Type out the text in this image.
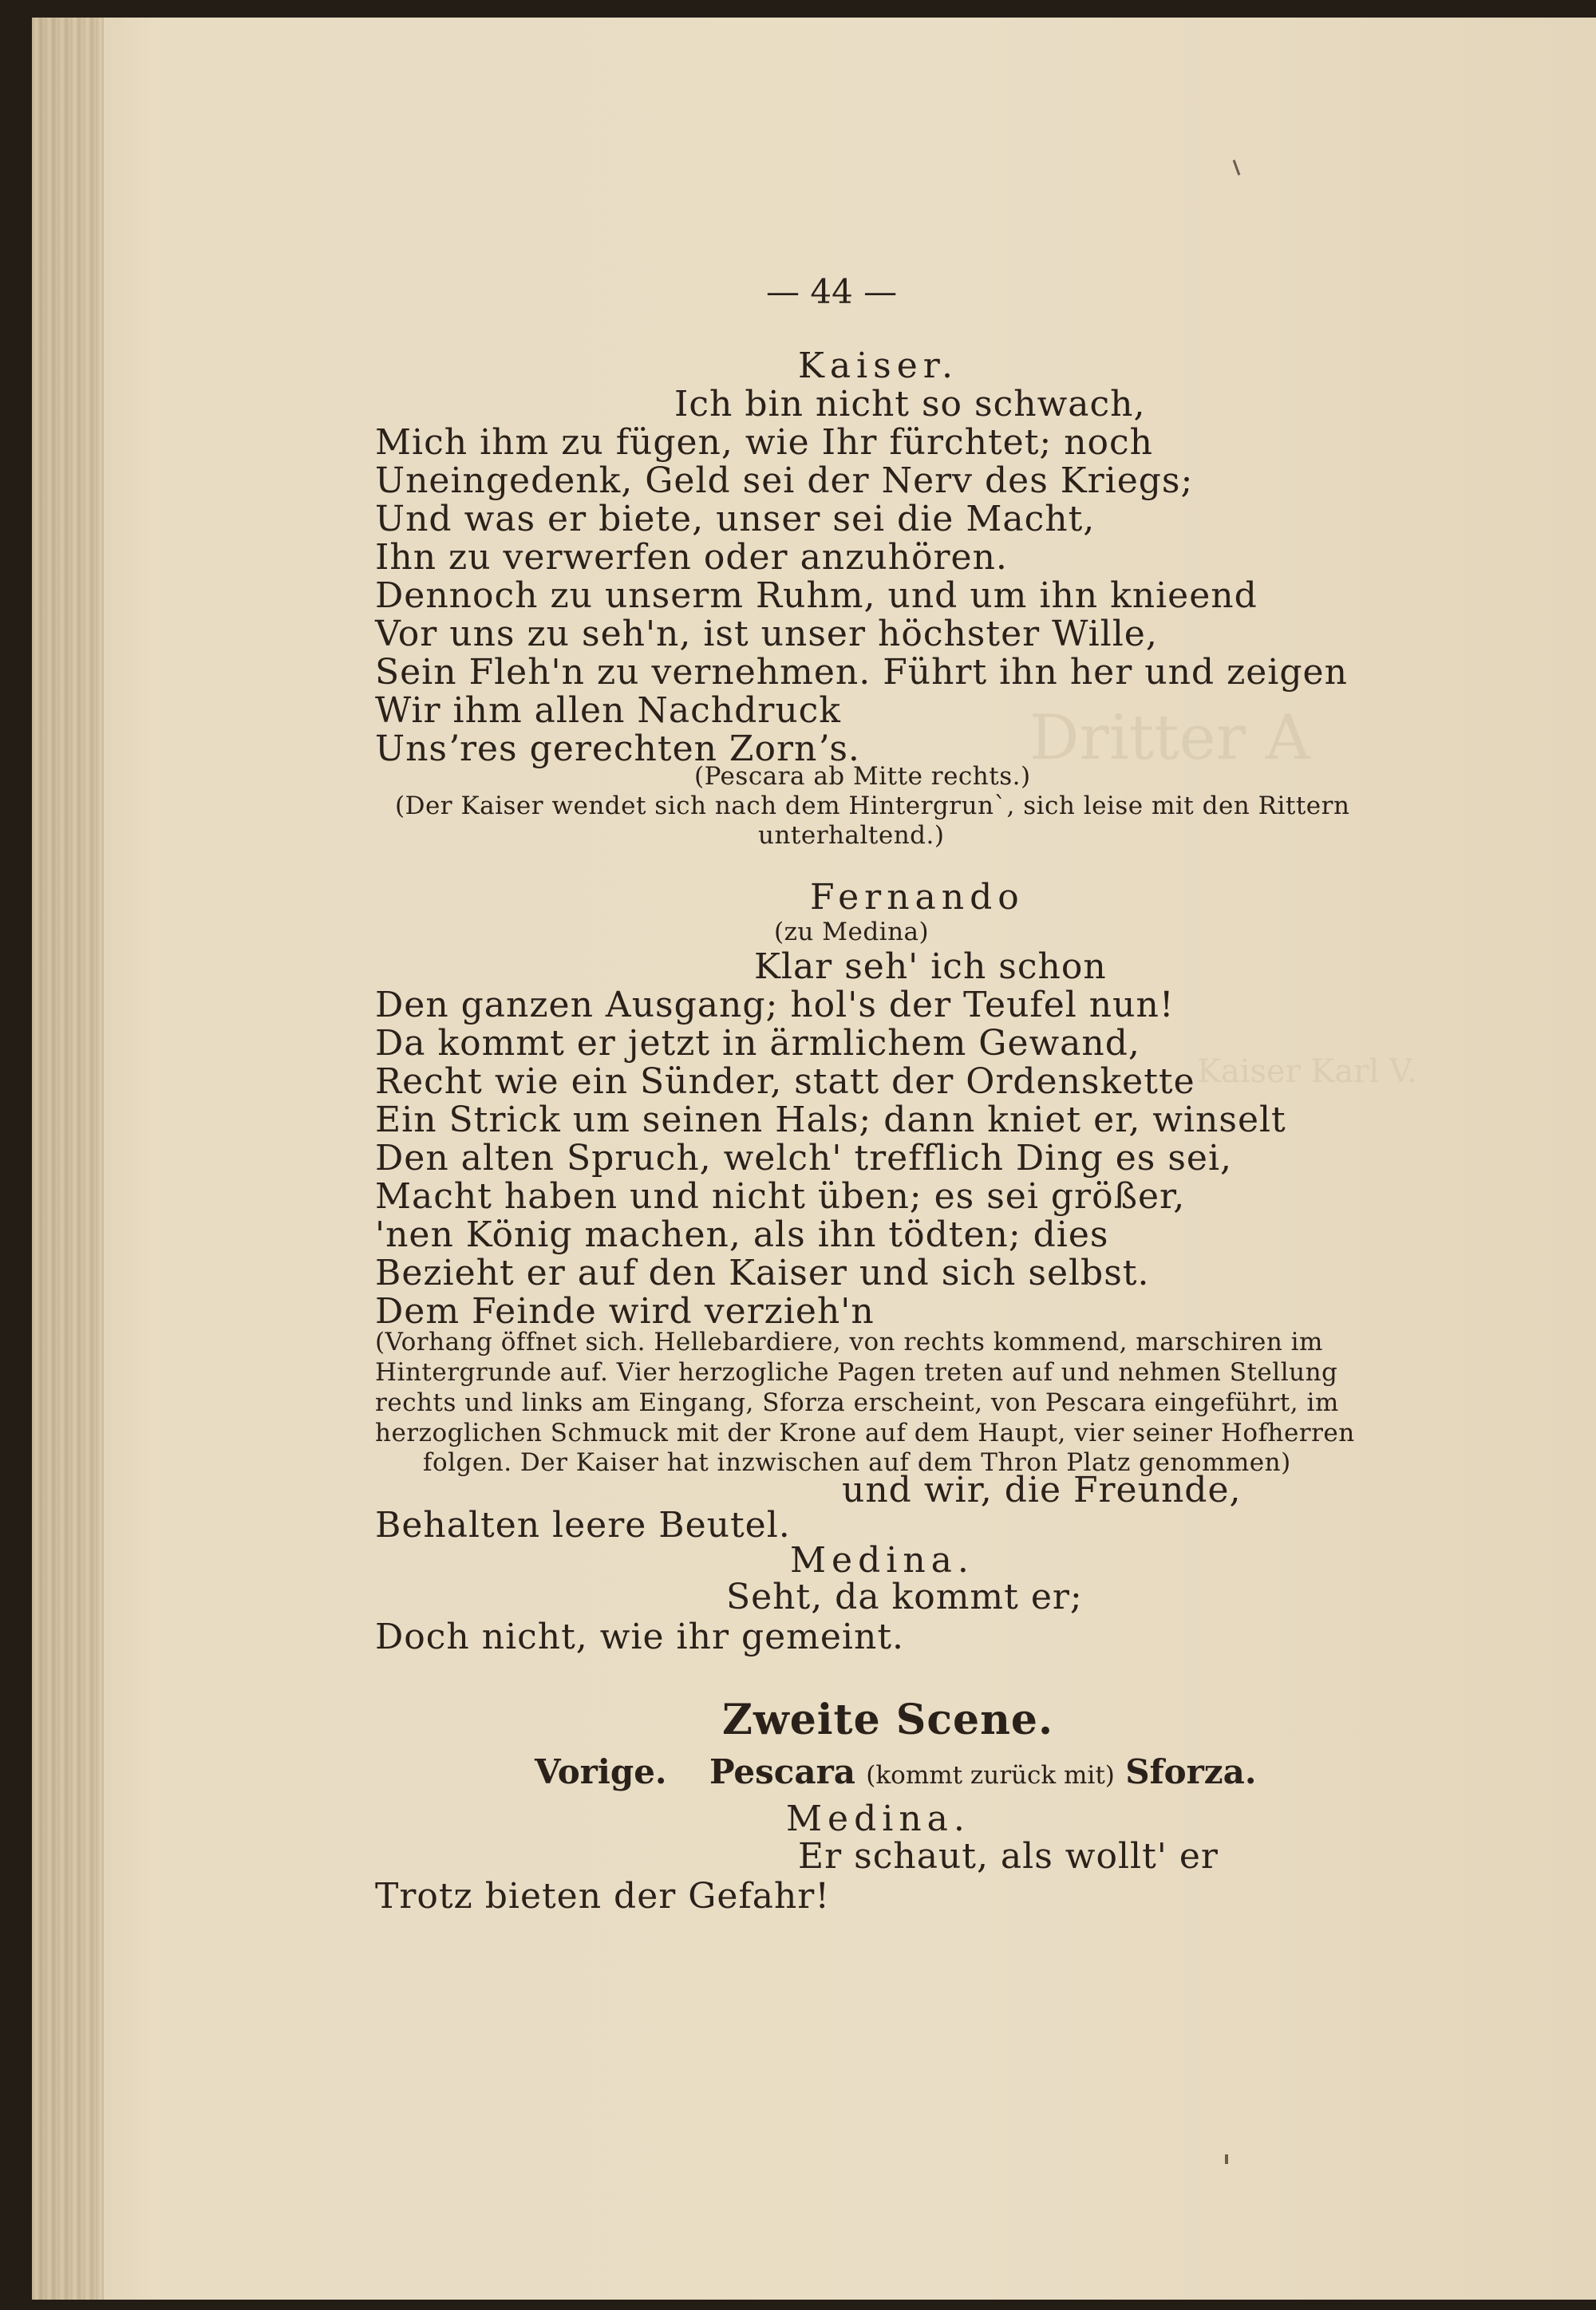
Dritter A
Kaiser Karl V.
— 44 —
Kaiser.
Ich bin nicht so schwach,
Mich ihm zu fügen, wie Ihr fürchtet; noch
Uneingedenk, Geld sei der Nerv des Kriegs;
Und was er biete, unser sei die Macht,
Ihn zu verwerfen oder anzuhören.
Dennoch zu unserm Ruhm, und um ihn knieend
Vor uns zu seh'n, ist unser höchster Wille,
Sein Fleh'n zu vernehmen. Führt ihn her und zeigen
Wir ihm allen Nachdruck
Unsʼres gerechten Zornʼs.
(Pescara ab Mitte rechts.)
(Der Kaiser wendet sich nach dem Hintergrun`, sich leise mit den Rittern
unterhaltend.)
Fernando
(zu Medina)
Klar seh' ich schon
Den ganzen Ausgang; hol's der Teufel nun!
Da kommt er jetzt in ärmlichem Gewand,
Recht wie ein Sünder, statt der Ordenskette
Ein Strick um seinen Hals; dann kniet er, winselt
Den alten Spruch, welch' trefflich Ding es sei,
Macht haben und nicht üben; es sei größer,
'nen König machen, als ihn tödten; dies
Bezieht er auf den Kaiser und sich selbst.
Dem Feinde wird verzieh'n
(Vorhang öffnet sich. Hellebardiere, von rechts kommend, marschiren im
Hintergrunde auf. Vier herzogliche Pagen treten auf und nehmen Stellung
rechts und links am Eingang, Sforza erscheint, von Pescara eingeführt, im
herzoglichen Schmuck mit der Krone auf dem Haupt, vier seiner Hofherren
folgen. Der Kaiser hat inzwischen auf dem Thron Platz genommen)
und wir, die Freunde,
Behalten leere Beutel.
Medina.
Seht, da kommt er;
Doch nicht, wie ihr gemeint.
Zweite Scene.
Vorige. Pescara (kommt zurück mit) Sforza.
Medina.
Er schaut, als wollt' er
Trotz bieten der Gefahr!
